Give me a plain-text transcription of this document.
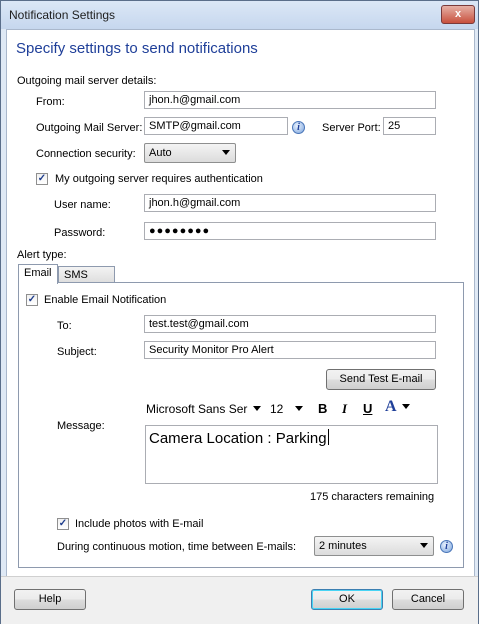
Notification Settings	x
Specify settings to send notifications
Outgoing mail server details:
From:	jhon.h@gmail.com
Outgoing Mail Server: SMTP@gmail.com	i	Server Port: 25
Connection security:	Auto
✓ My outgoing server requires authentication
User name:	jhon.h@gmail.com
Password:	●●●●●●●●
Alert type:
Email	SMS
✓ Enable Email Notification
To:	test.test@gmail.com
Subject:	Security Monitor Pro Alert
Send Test E-mail
Message:
Microsoft Sans Ser	12	B I U A
Camera Location : Parking
175 characters remaining
✓ Include photos with E-mail
During continuous motion, time between E-mails:	2 minutes	i
Help	OK	Cancel
